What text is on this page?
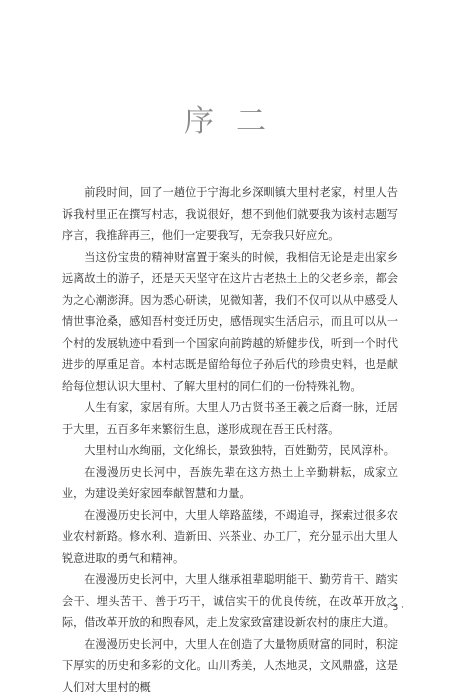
序二

前段时间，回了一趟位于宁海北乡深甽镇大里村老家，村里人告诉我村里正在撰写村志，我说很好，想不到他们就要我为该村志题写序言，我推辞再三，他们一定要我写，无奈我只好应允。

当这份宝贵的精神财富置于案头的时候，我相信无论是走出家乡远离故土的游子，还是天天坚守在这片古老热土上的父老乡亲，都会为之心潮澎湃。因为悉心研读，见微知著，我们不仅可以从中感受人情世事沧桑，感知吾村变迁历史，感悟现实生活启示，而且可以从一个村的发展轨迹中看到一个国家向前跨越的矫健步伐，听到一个时代进步的厚重足音。本村志既是留给每位子孙后代的珍贵史料，也是献给每位想认识大里村、了解大里村的同仁们的一份特殊礼物。

人生有家，家居有所。大里人乃古贤书圣王羲之后裔一脉，迁居于大里，五百多年来繁衍生息，遂形成现在吾王氏村落。

大里村山水绚丽，文化绵长，景致独特，百姓勤劳，民风淳朴。

在漫漫历史长河中，吾族先辈在这方热土上辛勤耕耘，成家立业，为建设美好家园奉献智慧和力量。

在漫漫历史长河中，大里人筚路蓝缕，不竭追寻，探索过很多农业农村新路。修水利、造新田、兴茶业、办工厂，充分显示出大里人锐意进取的勇气和精神。

在漫漫历史长河中，大里人继承祖辈聪明能干、勤劳肯干、踏实会干、埋头苦干、善于巧干，诚信实干的优良传统，在改革开放之际，借改革开放的和煦春风，走上发家致富建设新农村的康庄大道。

在漫漫历史长河中，大里人在创造了大量物质财富的同时，积淀下厚实的历史和多彩的文化。山川秀美，人杰地灵，文风鼎盛，这是人们对大里村的概

· 3 ·
